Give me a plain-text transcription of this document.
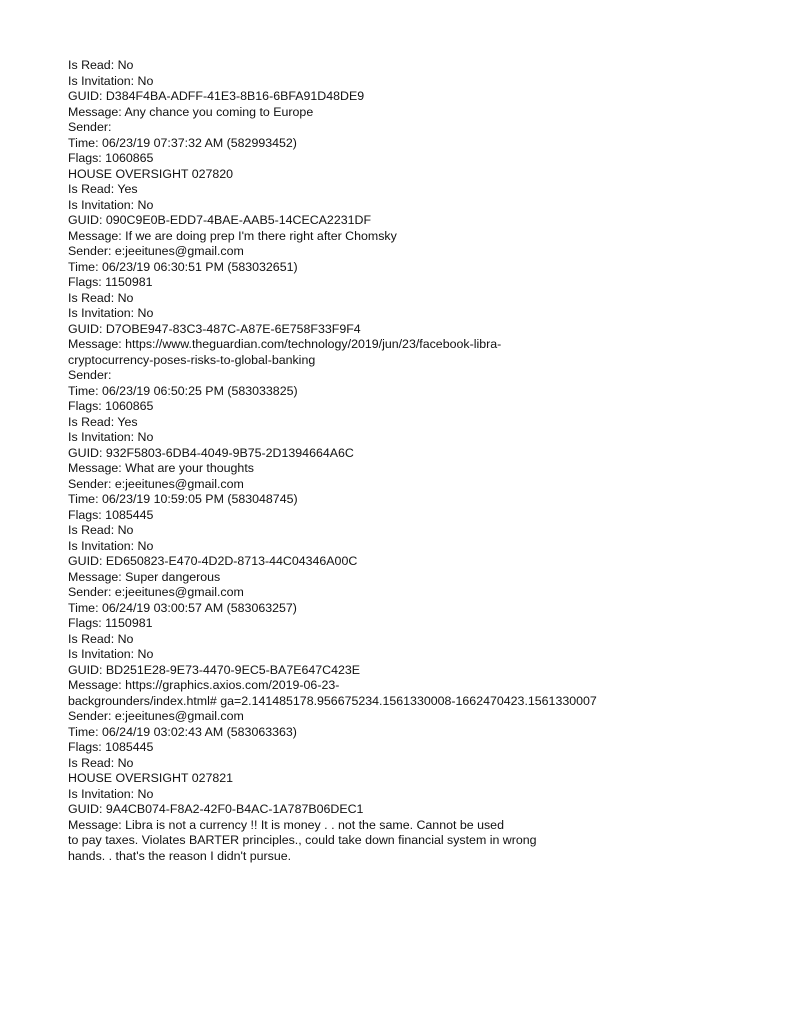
Is Read: No

Is Invitation: No

GUID: D384F4BA-ADFF-41E3-8B16-6BFA91D48DE9

Message: Any chance you coming to Europe

Sender:

Time: 06/23/19 07:37:32 AM (582993452)

Flags: 1060865

HOUSE OVERSIGHT 027820

Is Read: Yes

Is Invitation: No

GUID: 090C9E0B-EDD7-4BAE-AAB5-14CECA2231DF

Message: If we are doing prep I'm there right after Chomsky

Sender: e:jeeitunes@gmail.com

Time: 06/23/19 06:30:51 PM (583032651)

Flags: 1150981

Is Read: No

Is Invitation: No

GUID: D7OBE947-83C3-487C-A87E-6E758F33F9F4

Message: https://www.theguardian.com/technology/2019/jun/23/facebook-libra-

cryptocurrency-poses-risks-to-global-banking

Sender:

Time: 06/23/19 06:50:25 PM (583033825)

Flags: 1060865

Is Read: Yes

Is Invitation: No

GUID: 932F5803-6DB4-4049-9B75-2D1394664A6C

Message: What are your thoughts

Sender: e:jeeitunes@gmail.com

Time: 06/23/19 10:59:05 PM (583048745)

Flags: 1085445

Is Read: No

Is Invitation: No

GUID: ED650823-E470-4D2D-8713-44C04346A00C

Message: Super dangerous

Sender: e:jeeitunes@gmail.com

Time: 06/24/19 03:00:57 AM (583063257)

Flags: 1150981

Is Read: No

Is Invitation: No

GUID: BD251E28-9E73-4470-9EC5-BA7E647C423E

Message: https://graphics.axios.com/2019-06-23-

backgrounders/index.html# ga=2.141485178.956675234.1561330008-1662470423.1561330007

Sender: e:jeeitunes@gmail.com

Time: 06/24/19 03:02:43 AM (583063363)

Flags: 1085445

Is Read: No

HOUSE OVERSIGHT 027821

Is Invitation: No

GUID: 9A4CB074-F8A2-42F0-B4AC-1A787B06DEC1

Message: Libra is not a currency !! It is money . . not the same. Cannot be used

to pay taxes. Violates BARTER principles., could take down financial system in wrong

hands. . that's the reason I didn't pursue.
